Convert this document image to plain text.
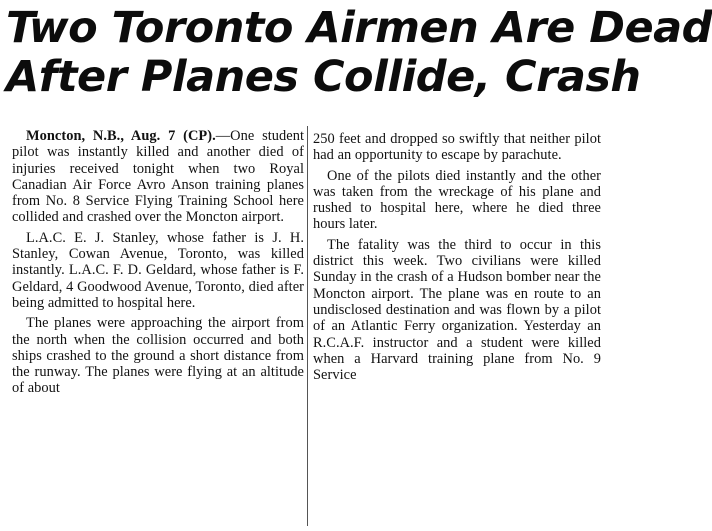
Two Toronto Airmen Are Dead
After Planes Collide, Crash

Moncton, N.B., Aug. 7 (CP).—One student pilot was instantly killed and another died of injuries received tonight when two Royal Canadian Air Force Avro Anson training planes from No. 8 Service Flying Training School here collided and crashed over the Moncton airport.

L.A.C. E. J. Stanley, whose father is J. H. Stanley, Cowan Avenue, Toronto, was killed instantly. L.A.C. F. D. Geldard, whose father is F. Geldard, 4 Goodwood Avenue, Toronto, died after being admitted to hospital here.

The planes were approaching the airport from the north when the collision occurred and both ships crashed to the ground a short distance from the runway. The planes were flying at an altitude of about

250 feet and dropped so swiftly that neither pilot had an opportunity to escape by parachute.

One of the pilots died instantly and the other was taken from the wreckage of his plane and rushed to hospital here, where he died three hours later.

The fatality was the third to occur in this district this week. Two civilians were killed Sunday in the crash of a Hudson bomber near the Moncton airport. The plane was en route to an undisclosed destination and was flown by a pilot of an Atlantic Ferry organization. Yesterday an R.C.A.F. instructor and a student were killed when a Harvard training plane from No. 9 Service
